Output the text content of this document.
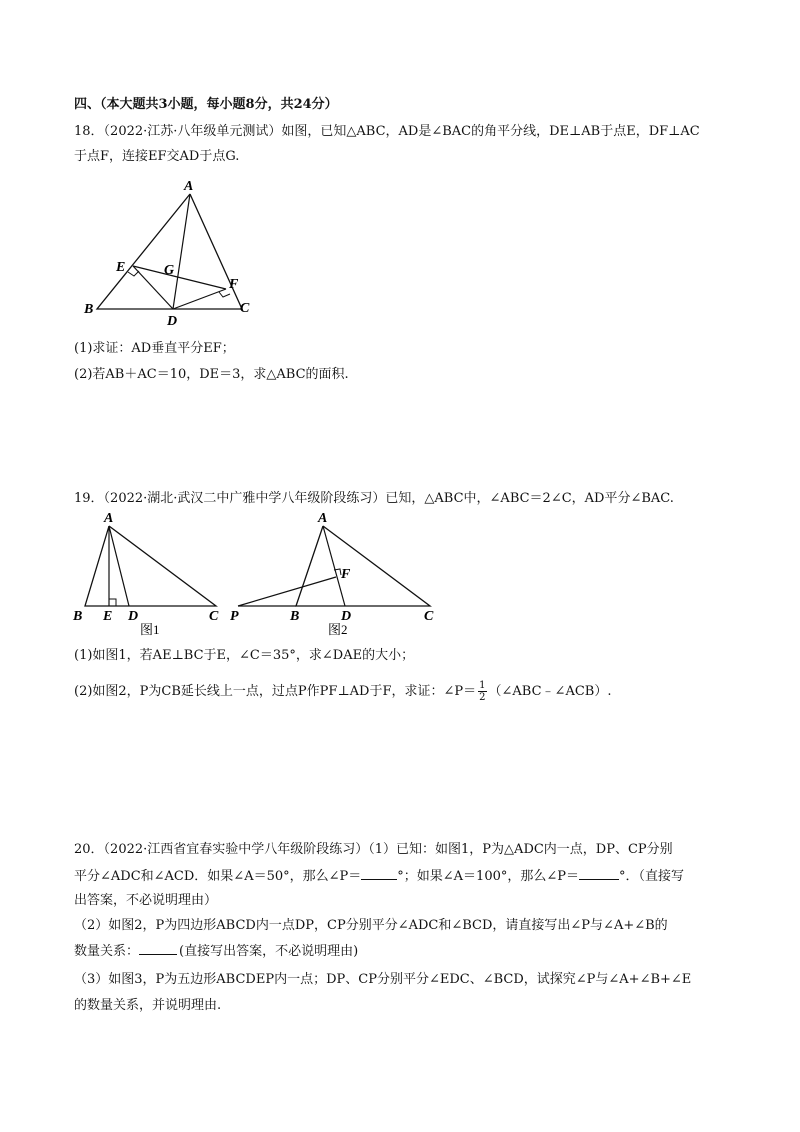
四、（本大题共3小题，每小题8分，共24分）
18．（2022·江苏·八年级单元测试）如图，已知△ABC，AD是∠BAC的角平分线，DE⊥AB于点E，DF⊥AC
于点F，连接EF交AD于点G.
A
B	C
D
E
F
G
(1)求证：AD垂直平分EF；
(2)若AB＋AC＝10，DE＝3，求△ABC的面积.
19．（2022·湖北·武汉二中广雅中学八年级阶段练习）已知，△ABC中，∠ABC＝2∠C，AD平分∠BAC.
A
B E D	C
图1
A
P	B	D	C
F
图2
(1)如图1，若AE⊥BC于E，∠C＝35°，求∠DAE的大小；
(2)如图2，P为CB延长线上一点，过点P作PF⊥AD于F，求证：∠P＝ $\frac{1}{2}$ （∠ABC﹣∠ACB）.
20．（2022·江西省宜春实验中学八年级阶段练习）（1）已知：如图1，P为△ADC内一点，DP、CP分别
平分∠ADC和∠ACD．如果∠A＝50°，那么∠P＝	°；如果∠A＝100°，那么∠P＝	°．（直接写
出答案，不必说明理由）
（2）如图2，P为四边形ABCD内一点DP，CP分别平分∠ADC和∠BCD，请直接写出∠P与∠A+∠B的
数量关系：	(直接写出答案，不必说明理由)
（3）如图3，P为五边形ABCDEP内一点；DP、CP分别平分∠EDC、∠BCD，试探究∠P与∠A+∠B+∠E
的数量关系，并说明理由.
